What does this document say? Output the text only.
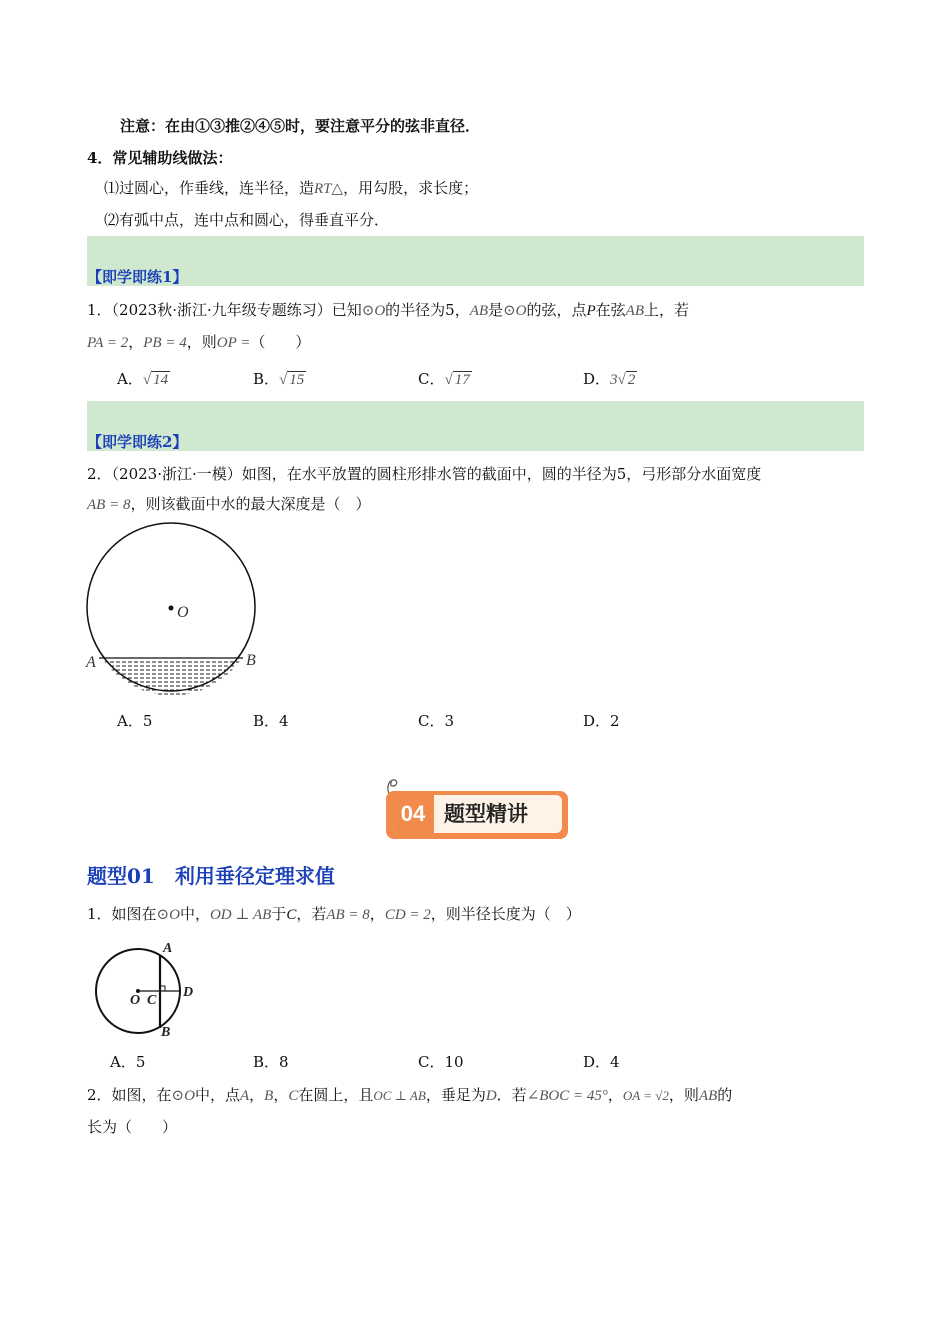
注意：在由①③推②④⑤时，要注意平分的弦非直径．
4．常见辅助线做法：
⑴过圆心，作垂线，连半径，造RT△，用勾股，求长度；
⑵有弧中点，连中点和圆心，得垂直平分．
【即学即练1】
1．（2023秋·浙江·九年级专题练习）已知⊙O的半径为5，AB是⊙O的弦，点P在弦AB上，若
PA = 2，PB = 4，则OP =（　　）
A．√ 14	B．√ 15	C．√ 17	D．3√ 2
【即学即练2】
2．（2023·浙江·一模）如图，在水平放置的圆柱形排水管的截面中，圆的半径为5，弓形部分水面宽度
AB = 8，则该截面中水的最大深度是（　）
O
A	B
A．5	B．4	C．3	D．2
04 题型精讲
题型01　利用垂径定理求值
1．如图在⊙O中，OD ⊥ AB于C，若AB = 8，CD = 2，则半径长度为（　）
O C
D
A
B
A．5	B．8	C．10	D．4
2．如图，在⊙O中，点A，B，C在圆上，且OC ⊥ AB，垂足为D．若∠BOC = 45°，OA = √2，则AB的
长为（　　）
